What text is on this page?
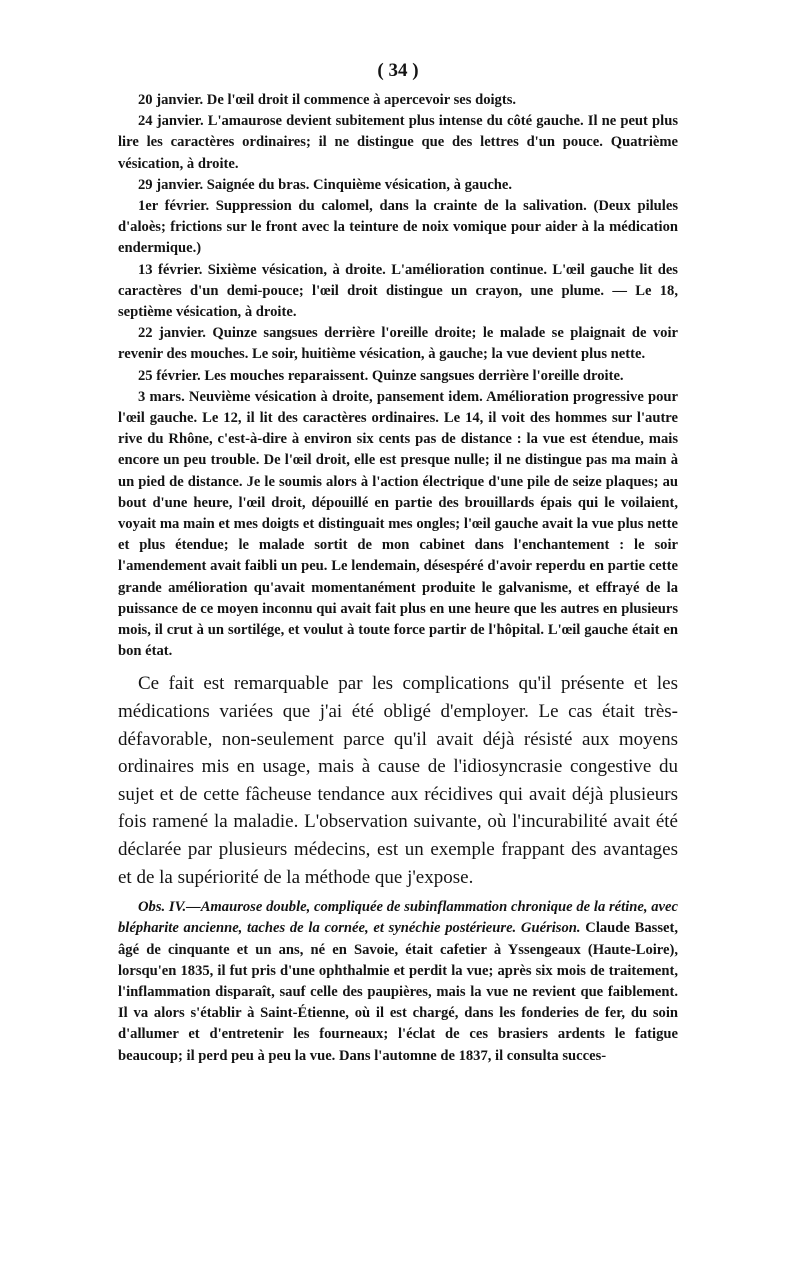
( 34 )

20 janvier. De l'œil droit il commence à apercevoir ses doigts.

24 janvier. L'amaurose devient subitement plus intense du côté gauche. Il ne peut plus lire les caractères ordinaires; il ne distingue que des lettres d'un pouce. Quatrième vésication, à droite.

29 janvier. Saignée du bras. Cinquième vésication, à gauche.

1er février. Suppression du calomel, dans la crainte de la salivation. (Deux pilules d'aloès; frictions sur le front avec la teinture de noix vomique pour aider à la médication endermique.)

13 février. Sixième vésication, à droite. L'amélioration continue. L'œil gauche lit des caractères d'un demi-pouce; l'œil droit distingue un crayon, une plume. — Le 18, septième vésication, à droite.

22 janvier. Quinze sangsues derrière l'oreille droite; le malade se plaignait de voir revenir des mouches. Le soir, huitième vésication, à gauche; la vue devient plus nette.

25 février. Les mouches reparaissent. Quinze sangsues derrière l'oreille droite.

3 mars. Neuvième vésication à droite, pansement idem. Amélioration progressive pour l'œil gauche. Le 12, il lit des caractères ordinaires. Le 14, il voit des hommes sur l'autre rive du Rhône, c'est-à-dire à environ six cents pas de distance : la vue est étendue, mais encore un peu trouble. De l'œil droit, elle est presque nulle; il ne distingue pas ma main à un pied de distance. Je le soumis alors à l'action électrique d'une pile de seize plaques; au bout d'une heure, l'œil droit, dépouillé en partie des brouillards épais qui le voilaient, voyait ma main et mes doigts et distinguait mes ongles; l'œil gauche avait la vue plus nette et plus étendue; le malade sortit de mon cabinet dans l'enchantement : le soir l'amendement avait faibli un peu. Le lendemain, désespéré d'avoir reperdu en partie cette grande amélioration qu'avait momentanément produite le galvanisme, et effrayé de la puissance de ce moyen inconnu qui avait fait plus en une heure que les autres en plusieurs mois, il crut à un sortilége, et voulut à toute force partir de l'hôpital. L'œil gauche était en bon état.

Ce fait est remarquable par les complications qu'il présente et les médications variées que j'ai été obligé d'employer. Le cas était très-défavorable, non-seulement parce qu'il avait déjà résisté aux moyens ordinaires mis en usage, mais à cause de l'idiosyncrasie congestive du sujet et de cette fâcheuse tendance aux récidives qui avait déjà plusieurs fois ramené la maladie. L'observation suivante, où l'incurabilité avait été déclarée par plusieurs médecins, est un exemple frappant des avantages et de la supériorité de la méthode que j'expose.

Obs. IV.—Amaurose double, compliquée de subinflammation chronique de la rétine, avec blépharite ancienne, taches de la cornée, et synéchie postérieure. Guérison. Claude Basset, âgé de cinquante et un ans, né en Savoie, était cafetier à Yssengeaux (Haute-Loire), lorsqu'en 1835, il fut pris d'une ophthalmie et perdit la vue; après six mois de traitement, l'inflammation disparaît, sauf celle des paupières, mais la vue ne revient que faiblement. Il va alors s'établir à Saint-Étienne, où il est chargé, dans les fonderies de fer, du soin d'allumer et d'entretenir les fourneaux; l'éclat de ces brasiers ardents le fatigue beaucoup; il perd peu à peu la vue. Dans l'automne de 1837, il consulta succes-
